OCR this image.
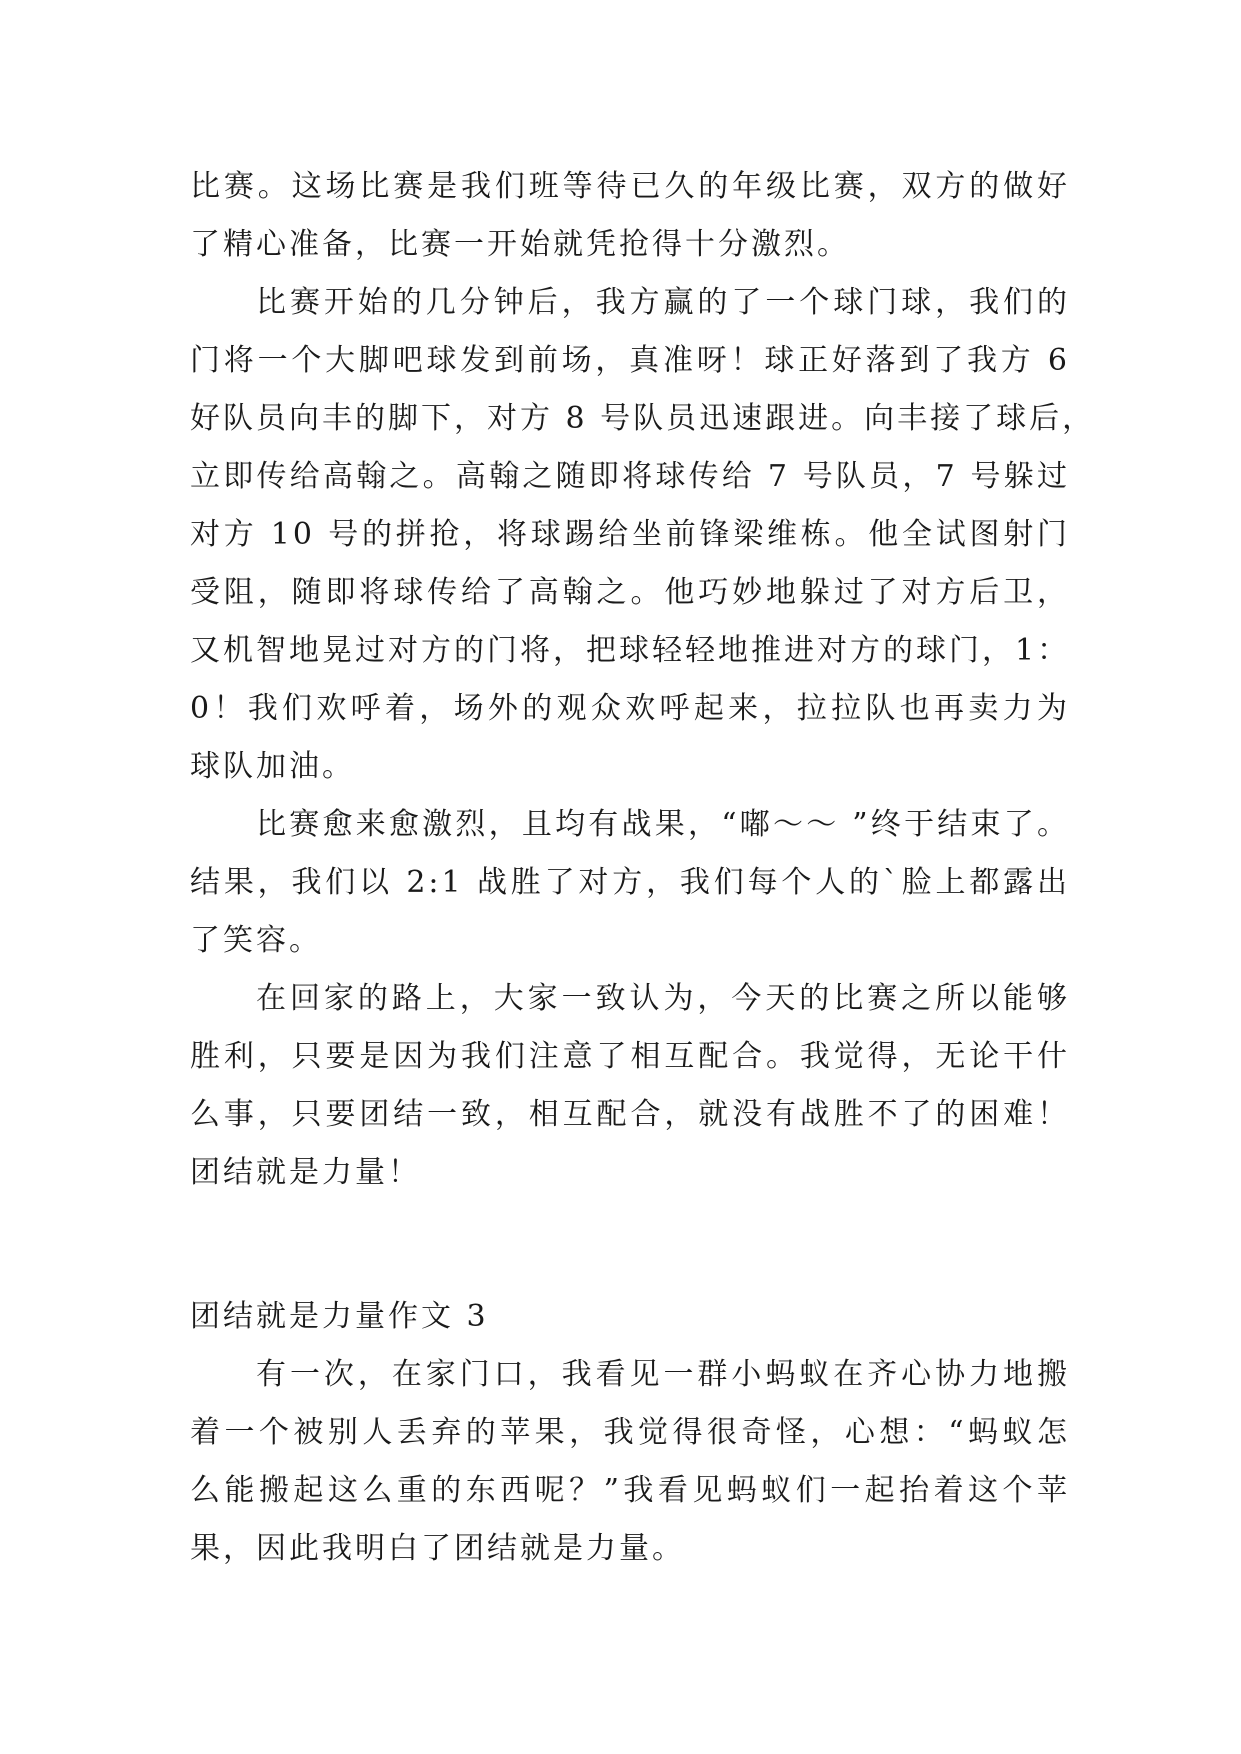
比赛。这场比赛是我们班等待已久的年级比赛，双方的做好
了精心准备，比赛一开始就凭抢得十分激烈。
比赛开始的几分钟后，我方赢的了一个球门球，我们的
门将一个大脚吧球发到前场，真准呀！球正好落到了我方 6
好队员向丰的脚下，对方 8 号队员迅速跟进。向丰接了球后，
立即传给高翰之。高翰之随即将球传给 7 号队员，7 号躲过
对方 10 号的拼抢，将球踢给坐前锋梁维栋。他全试图射门
受阻，随即将球传给了高翰之。他巧妙地躲过了对方后卫，
又机智地晃过对方的门将，把球轻轻地推进对方的球门，1：
0！我们欢呼着，场外的观众欢呼起来，拉拉队也再卖力为
球队加油。
比赛愈来愈激烈，且均有战果，“嘟～～ ”终于结束了。
结果，我们以 2:1 战胜了对方，我们每个人的`脸上都露出
了笑容。
在回家的路上，大家一致认为，今天的比赛之所以能够
胜利，只要是因为我们注意了相互配合。我觉得，无论干什
么事，只要团结一致，相互配合，就没有战胜不了的困难！
团结就是力量！
团结就是力量作文 3
有一次，在家门口，我看见一群小蚂蚁在齐心协力地搬
着一个被别人丢弃的苹果，我觉得很奇怪，心想：“蚂蚁怎
么能搬起这么重的东西呢？”我看见蚂蚁们一起抬着这个苹
果，因此我明白了团结就是力量。
